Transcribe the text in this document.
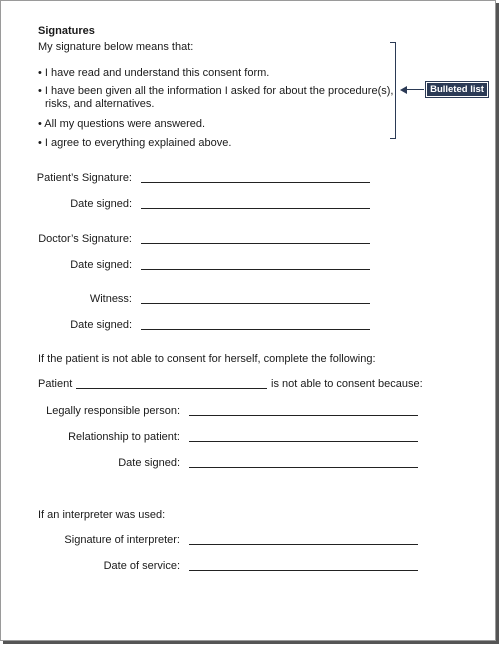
Signatures
My signature below means that:
• I have read and understand this consent form.
• I have been given all the information I asked for about the procedure(s),
risks, and alternatives.
• All my questions were answered.
• I agree to everything explained above.
Bulleted list
Patient’s Signature:
Date signed:
Doctor’s Signature:
Date signed:
Witness:
Date signed:
If the patient is not able to consent for herself, complete the following:
Patient	is not able to consent because:
Legally responsible person:
Relationship to patient:
Date signed:
If an interpreter was used:
Signature of interpreter:
Date of service:
